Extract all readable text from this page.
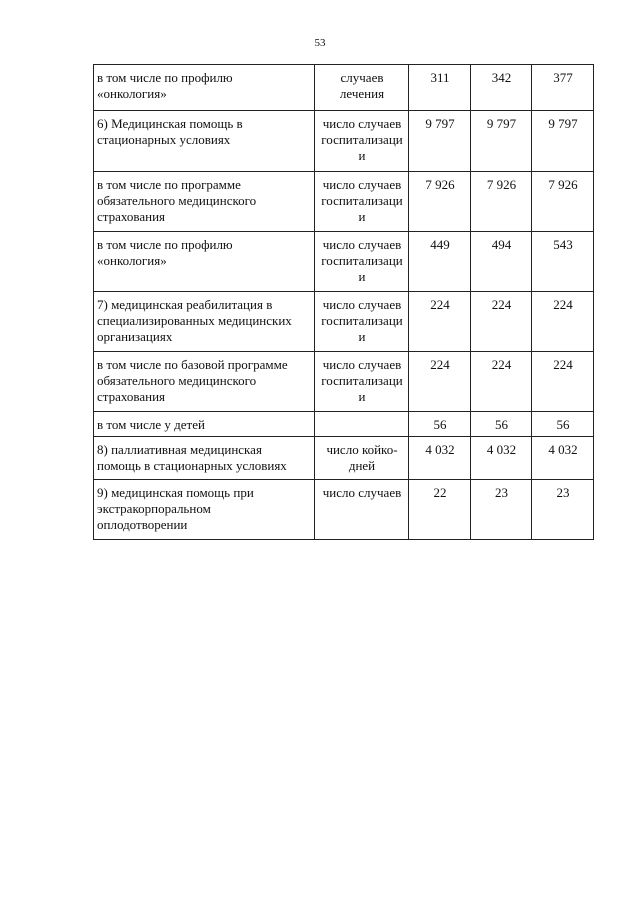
53
в том числе по профилю
«онкология»	случаев
лечения	311	342	377
6) Медицинская помощь в
стационарных условиях	число случаев
госпитализаци
и	9 797	9 797	9 797
в том числе по программе
обязательного медицинского
страхования	число случаев
госпитализаци
и	7 926	7 926	7 926
в том числе по профилю
«онкология»	число случаев
госпитализаци
и	449	494	543
7) медицинская реабилитация в
специализированных медицинских
организациях	число случаев
госпитализаци
и	224	224	224
в том числе по базовой программе
обязательного медицинского
страхования	число случаев
госпитализаци
и	224	224	224
в том числе у детей		56	56	56
8) паллиативная медицинская
помощь в стационарных условиях	число койко-
дней	4 032	4 032	4 032
9) медицинская помощь при
экстракорпоральном
оплодотворении	число случаев	22	23	23
